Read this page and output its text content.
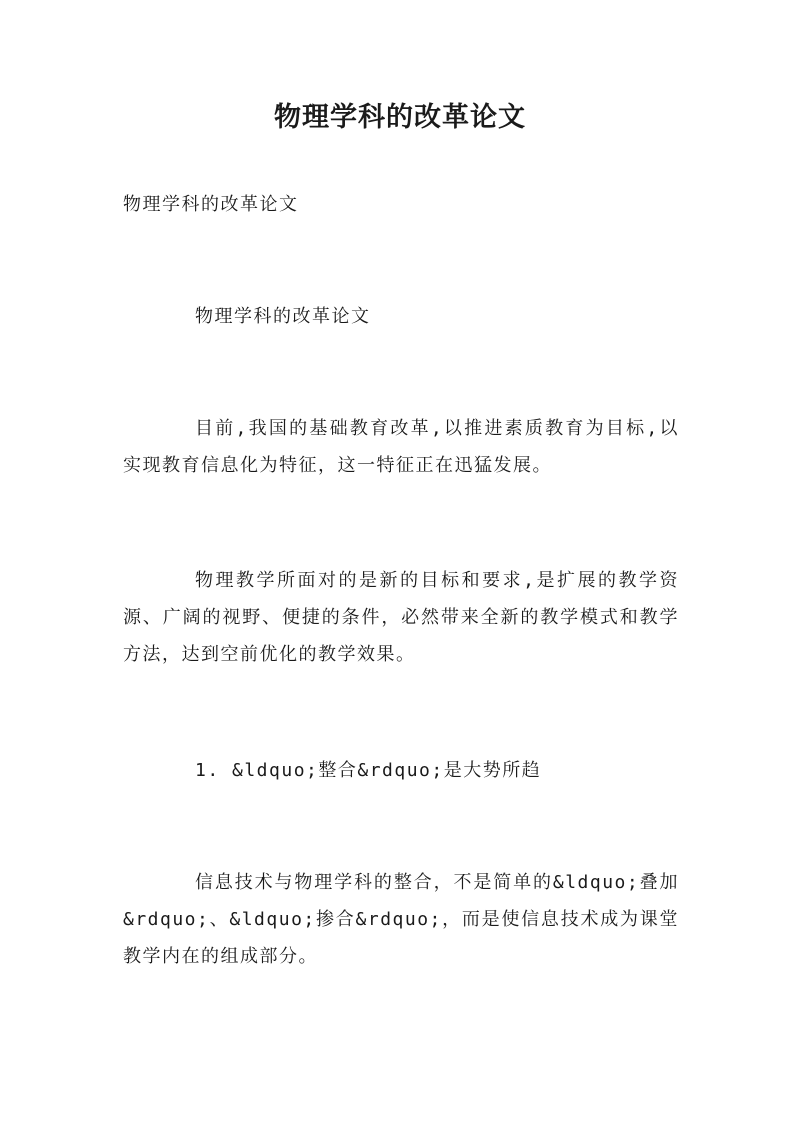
物理学科的改革论文
物理学科的改革论文
物理学科的改革论文
目前,我国的基础教育改革,以推进素质教育为目标,以实现教育信息化为特征，这一特征正在迅猛发展。
物理教学所面对的是新的目标和要求,是扩展的教学资源、广阔的视野、便捷的条件，必然带来全新的教学模式和教学方法，达到空前优化的教学效果。
1. &ldquo;整合&rdquo;是大势所趋
信息技术与物理学科的整合，不是简单的&ldquo;叠加&rdquo;、&ldquo;掺合&rdquo;，而是使信息技术成为课堂教学内在的组成部分。
